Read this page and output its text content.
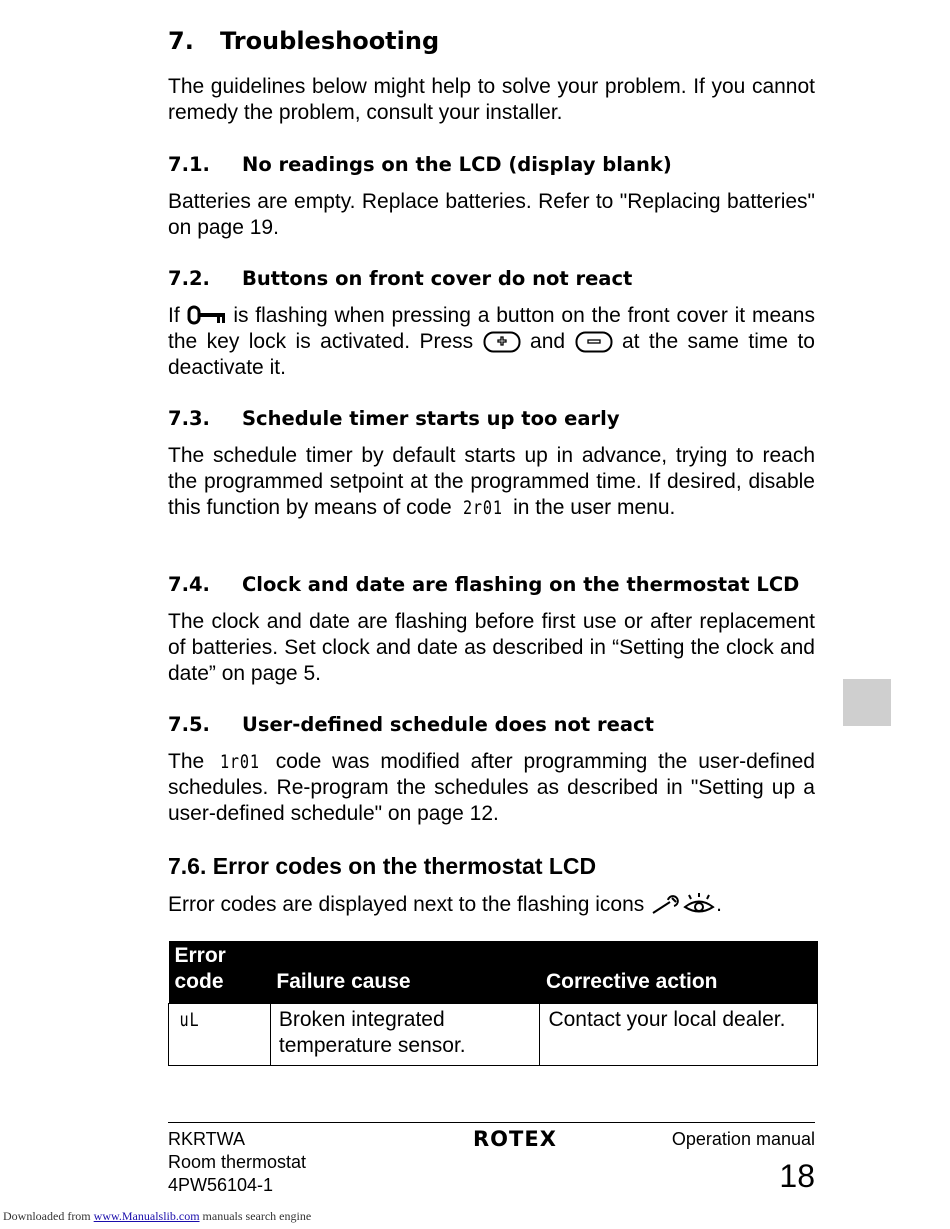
7. Troubleshooting

The guidelines below might help to solve your problem. If you cannot remedy the problem, consult your installer.

7.1. No readings on the LCD (display blank)

Batteries are empty. Replace batteries. Refer to "Replacing batteries" on page 19.

7.2. Buttons on front cover do not react

If  is flashing when pressing a button on the front cover it means the key lock is activated. Press  and  at the same time to deactivate it.

7.3. Schedule timer starts up too early

The schedule timer by default starts up in advance, trying to reach the programmed setpoint at the programmed time. If desired, disable this function by means of code 2r01 in the user menu.

7.4. Clock and date are flashing on the thermostat LCD

The clock and date are flashing before first use or after replacement of batteries. Set clock and date as described in “Setting the clock and date” on page 5.

7.5. User-defined schedule does not react

The 1r01 code was modified after programming the user-defined schedules. Re-program the schedules as described in "Setting up a user-defined schedule" on page 12.

7.6. Error codes on the thermostat LCD

Error codes are displayed next to the flashing icons	.

Error code	Failure cause	Corrective action
uL	Broken integrated temperature sensor.	Contact your local dealer.
RKRTWA
Room thermostat
4PW56104-1
ROTEX	Operation manual
18
Downloaded from www.Manualslib.com manuals search engine
